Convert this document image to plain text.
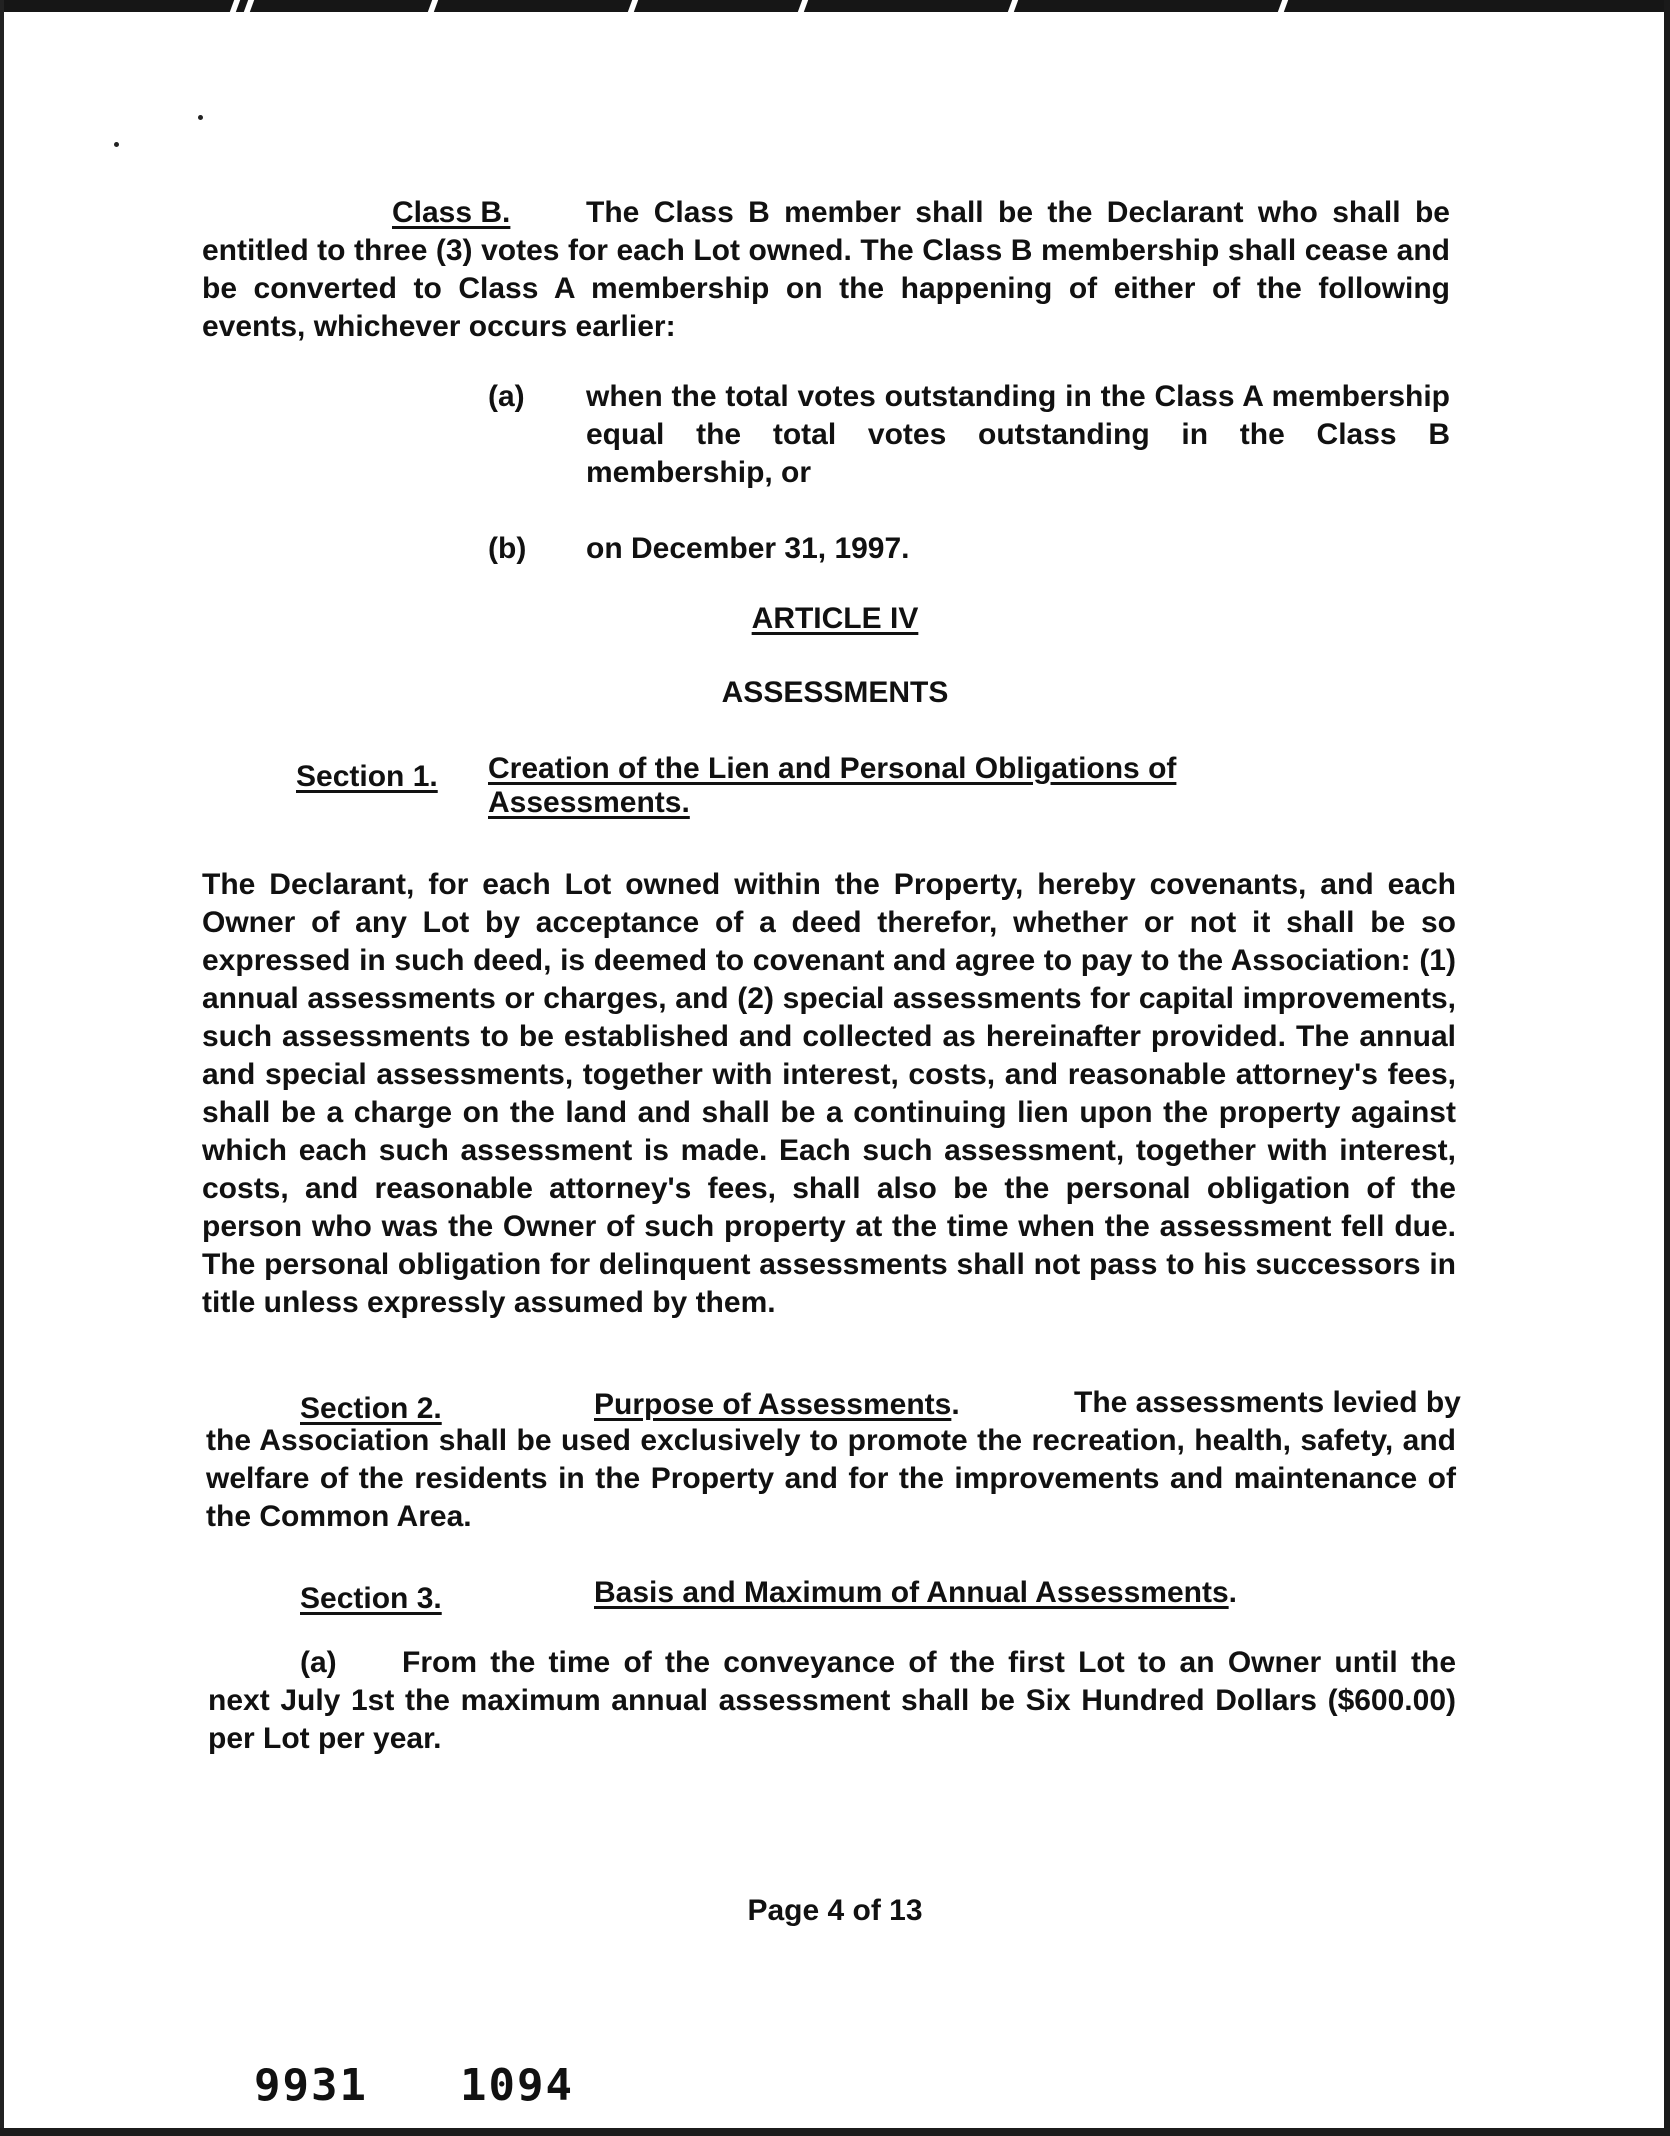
Class B.	The Class B member shall be the Declarant who shall be
entitled to three (3) votes for each Lot owned. The Class B membership shall cease and be converted to Class A membership on the happening of either of the following events, whichever occurs earlier:
(a) when the total votes outstanding in the Class A membership equal the total votes outstanding in the Class B membership, or
(b) on December 31, 1997.
ARTICLE IV
ASSESSMENTS
Section 1. Creation of the Lien and Personal Obligations of
Assessments.
The Declarant, for each Lot owned within the Property, hereby covenants, and each Owner of any Lot by acceptance of a deed therefor, whether or not it shall be so expressed in such deed, is deemed to covenant and agree to pay to the Association: (1) annual assessments or charges, and (2) special assessments for capital improvements, such assessments to be established and collected as hereinafter provided. The annual and special assessments, together with interest, costs, and reasonable attorney's fees, shall be a charge on the land and shall be a continuing lien upon the property against which each such assessment is made. Each such assessment, together with interest, costs, and reasonable attorney's fees, shall also be the personal obligation of the person who was the Owner of such property at the time when the assessment fell due. The personal obligation for delinquent assessments shall not pass to his successors in title unless expressly assumed by them.
Section 2.	Purpose of Assessments.	The assessments levied by
the Association shall be used exclusively to promote the recreation, health, safety, and welfare of the residents in the Property and for the improvements and maintenance of the Common Area.
Section 3.	Basis and Maximum of Annual Assessments.
(a) From the time of the conveyance of the first Lot to an Owner until the
next July 1st the maximum annual assessment shall be Six Hundred Dollars ($600.00) per Lot per year.
Page 4 of 13
9931 1094
